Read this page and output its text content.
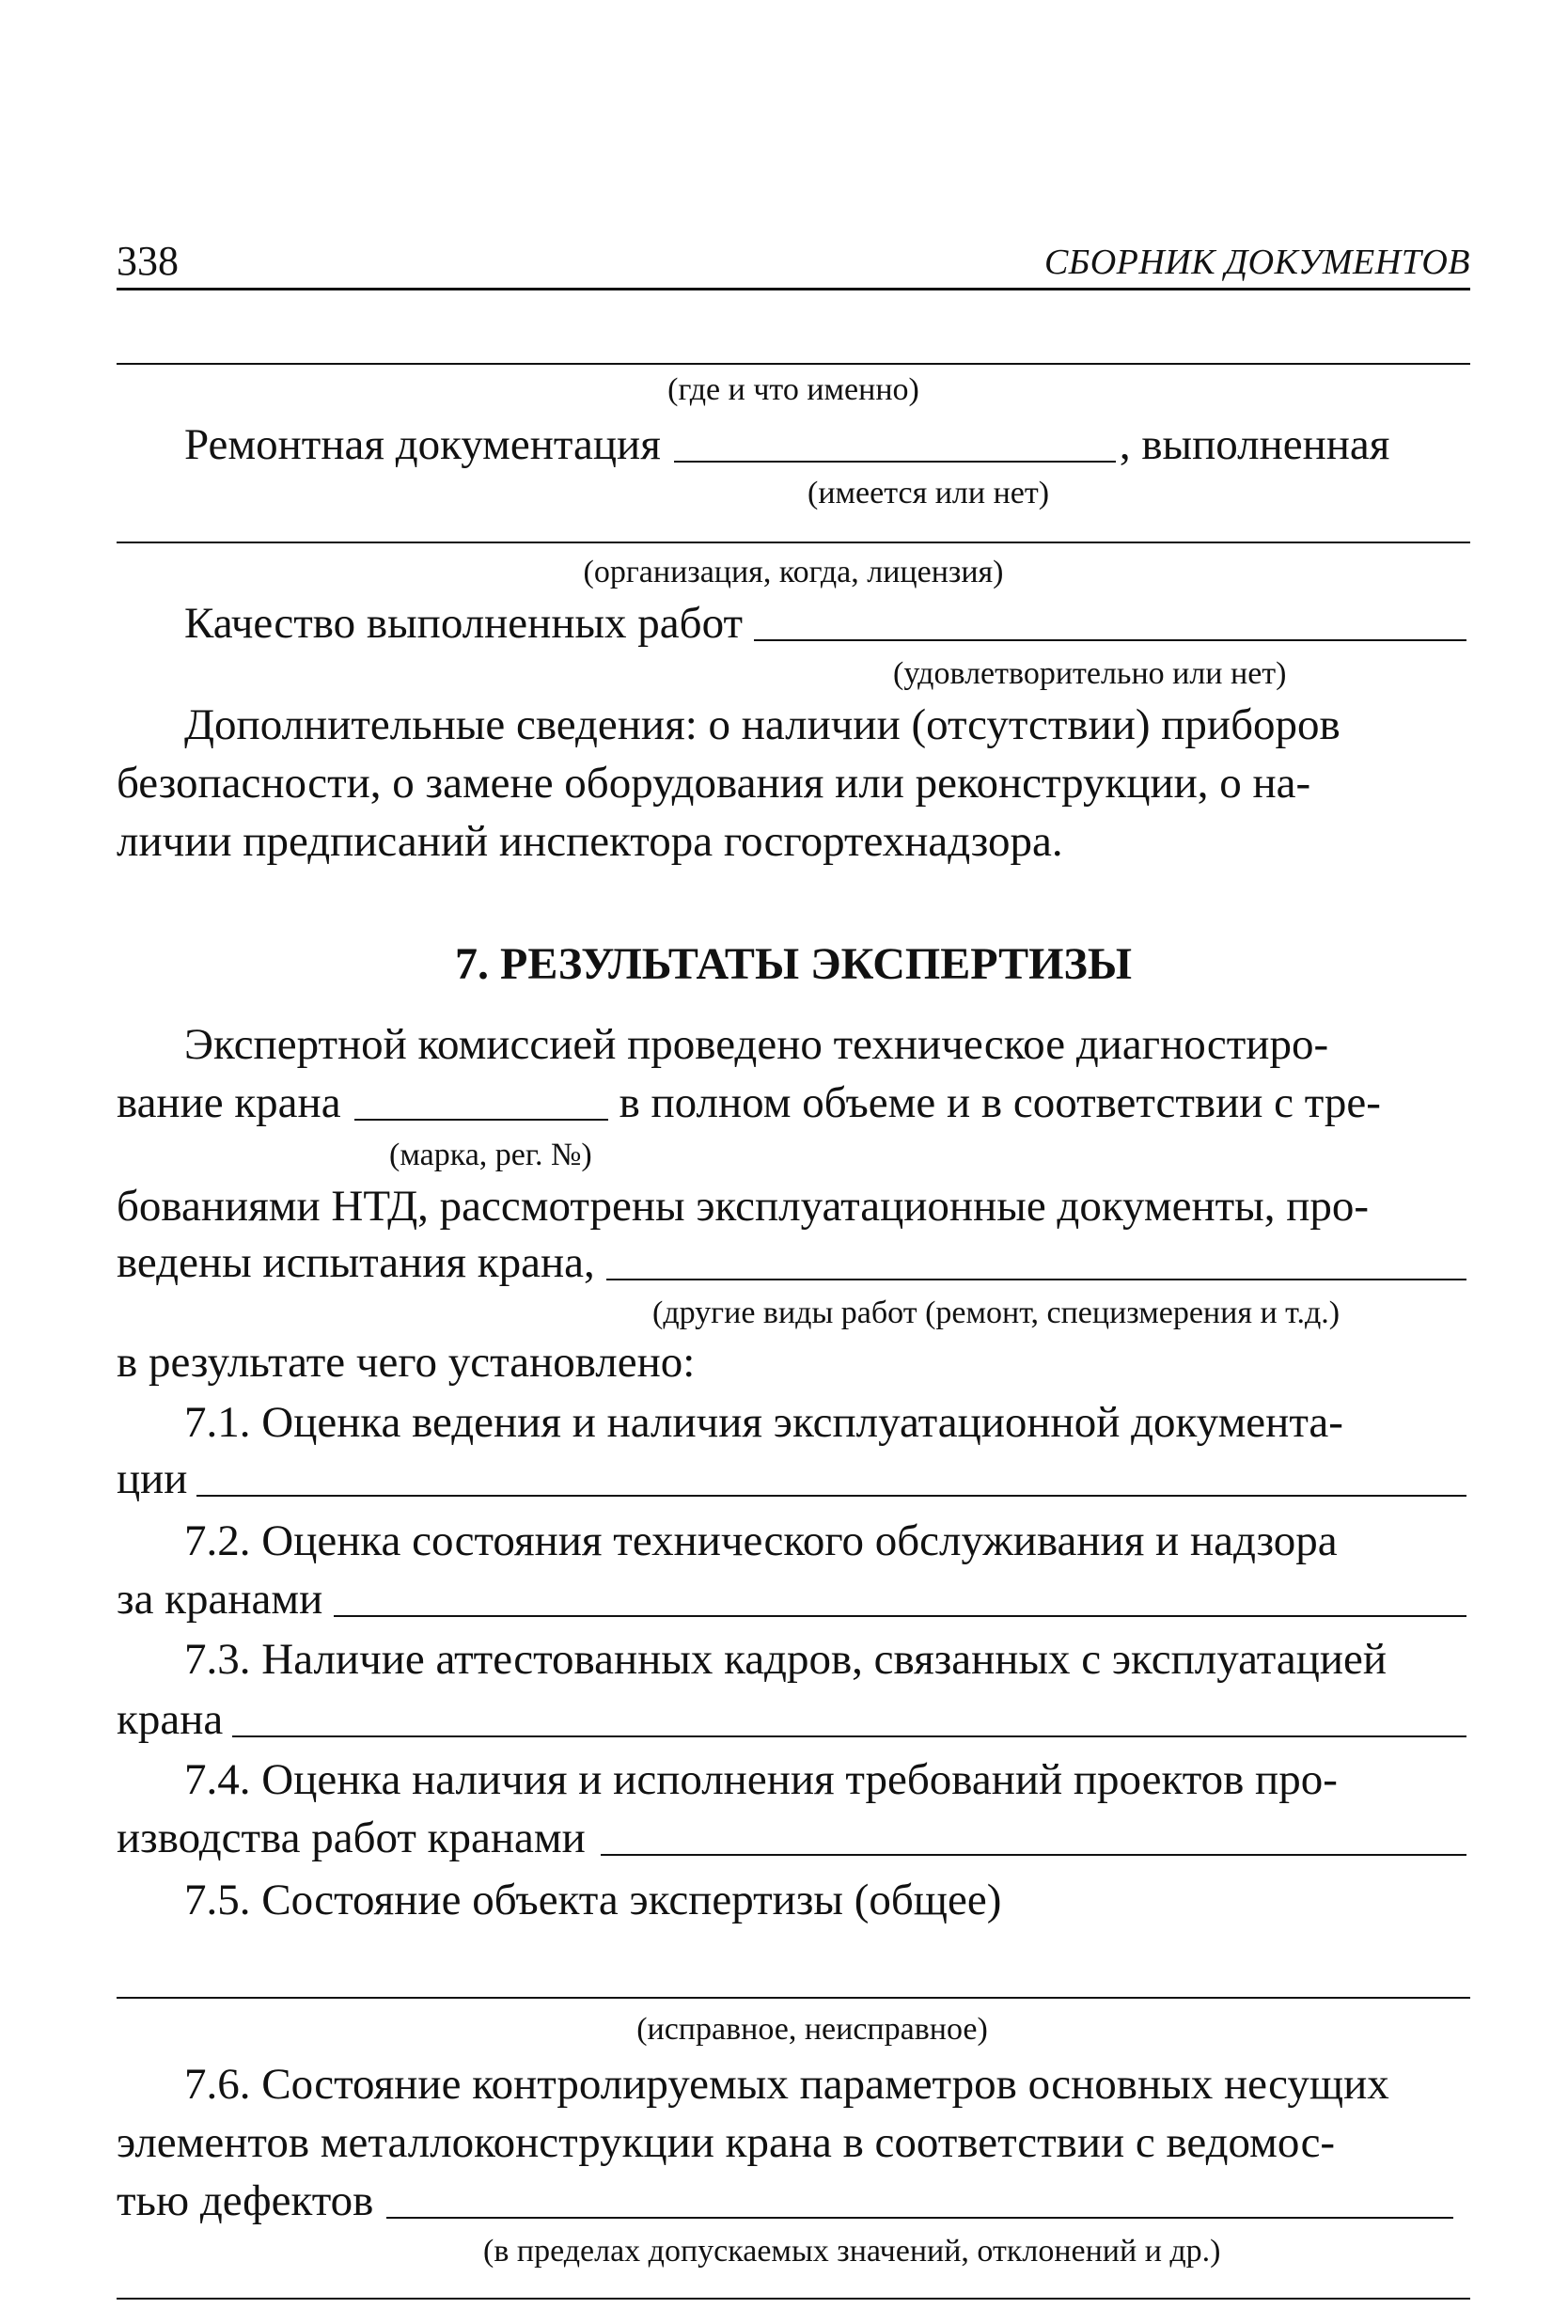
338	СБОРНИК ДОКУМЕНТОВ
(где и что именно)
Ремонтная документация	, выполненная
(имеется или нет)
(организация, когда, лицензия)
Качество выполненных работ
(удовлетворительно или нет)
Дополнительные сведения: о наличии (отсутствии) приборов
безопасности, о замене оборудования или реконструкции, о на-
личии предписаний инспектора госгортехнадзора.
7. РЕЗУЛЬТАТЫ ЭКСПЕРТИЗЫ
Экспертной комиссией проведено техническое диагностиро-
вание крана	в полном объеме и в соответствии с тре-
(марка, рег. №)
бованиями НТД, рассмотрены эксплуатационные документы, про-
ведены испытания крана,
(другие виды работ (ремонт, специзмерения и т.д.)
в результате чего установлено:
7.1. Оценка ведения и наличия эксплуатационной документа-
ции
7.2. Оценка состояния технического обслуживания и надзора
за кранами
7.3. Наличие аттестованных кадров, связанных с эксплуатацией
крана
7.4. Оценка наличия и исполнения требований проектов про-
изводства работ кранами
7.5. Состояние объекта экспертизы (общее)
(исправное, неисправное)
7.6. Состояние контролируемых параметров основных несущих
элементов металлоконструкции крана в соответствии с ведомос-
тью дефектов
(в пределах допускаемых значений, отклонений и др.)
